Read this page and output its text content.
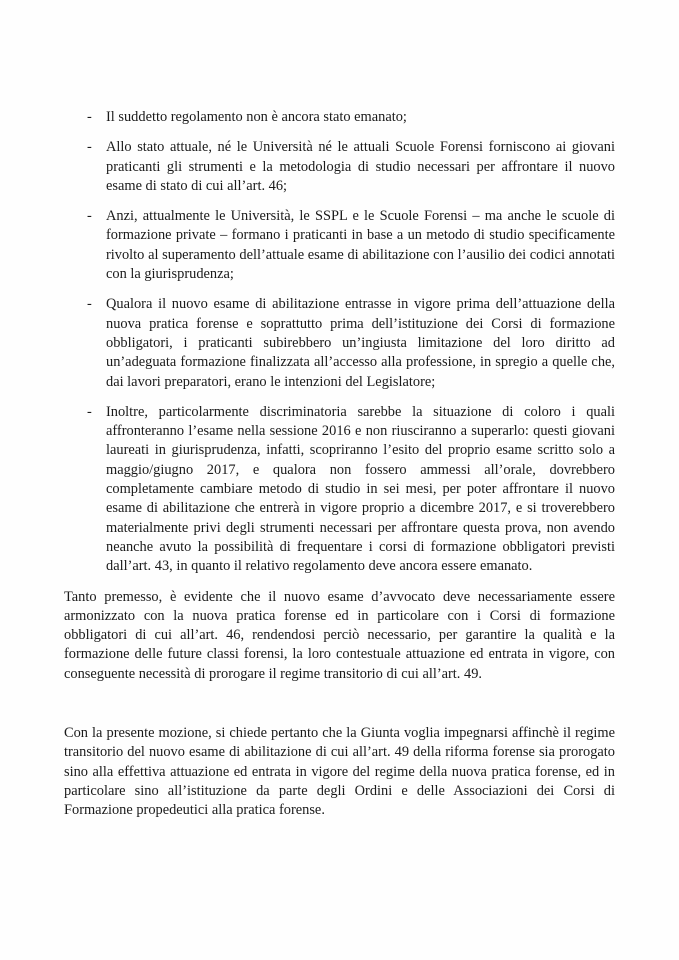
- Il suddetto regolamento non è ancora stato emanato;
- Allo stato attuale, né le Università né le attuali Scuole Forensi forniscono ai giovani praticanti gli strumenti e la metodologia di studio necessari per affrontare il nuovo esame di stato di cui all’art. 46;
- Anzi, attualmente le Università, le SSPL e le Scuole Forensi – ma anche le scuole di formazione private – formano i praticanti in base a un metodo di studio specificamente rivolto al superamento dell’attuale esame di abilitazione con l’ausilio dei codici annotati con la giurisprudenza;
- Qualora il nuovo esame di abilitazione entrasse in vigore prima dell’attuazione della nuova pratica forense e soprattutto prima dell’istituzione dei Corsi di formazione obbligatori, i praticanti subirebbero un’ingiusta limitazione del loro diritto ad un’adeguata formazione finalizzata all’accesso alla professione, in spregio a quelle che, dai lavori preparatori, erano le intenzioni del Legislatore;
- Inoltre, particolarmente discriminatoria sarebbe la situazione di coloro i quali affronteranno l’esame nella sessione 2016 e non riusciranno a superarlo: questi giovani laureati in giurisprudenza, infatti, scopriranno l’esito del proprio esame scritto solo a maggio/giugno 2017, e qualora non fossero ammessi all’orale, dovrebbero completamente cambiare metodo di studio in sei mesi, per poter affrontare il nuovo esame di abilitazione che entrerà in vigore proprio a dicembre 2017, e si troverebbero materialmente privi degli strumenti necessari per affrontare questa prova, non avendo neanche avuto la possibilità di frequentare i corsi di formazione obbligatori previsti dall’art. 43, in quanto il relativo regolamento deve ancora essere emanato.

Tanto premesso, è evidente che il nuovo esame d’avvocato deve necessariamente essere armonizzato con la nuova pratica forense ed in particolare con i Corsi di formazione obbligatori di cui all’art. 46, rendendosi perciò necessario, per garantire la qualità e la formazione delle future classi forensi, la loro contestuale attuazione ed entrata in vigore, con conseguente necessità di prorogare il regime transitorio di cui all’art. 49.

Con la presente mozione, si chiede pertanto che la Giunta voglia impegnarsi affinchè il regime transitorio del nuovo esame di abilitazione di cui all’art. 49 della riforma forense sia prorogato sino alla effettiva attuazione ed entrata in vigore del regime della nuova pratica forense, ed in particolare sino all’istituzione da parte degli Ordini e delle Associazioni dei Corsi di Formazione propedeutici alla pratica forense.
